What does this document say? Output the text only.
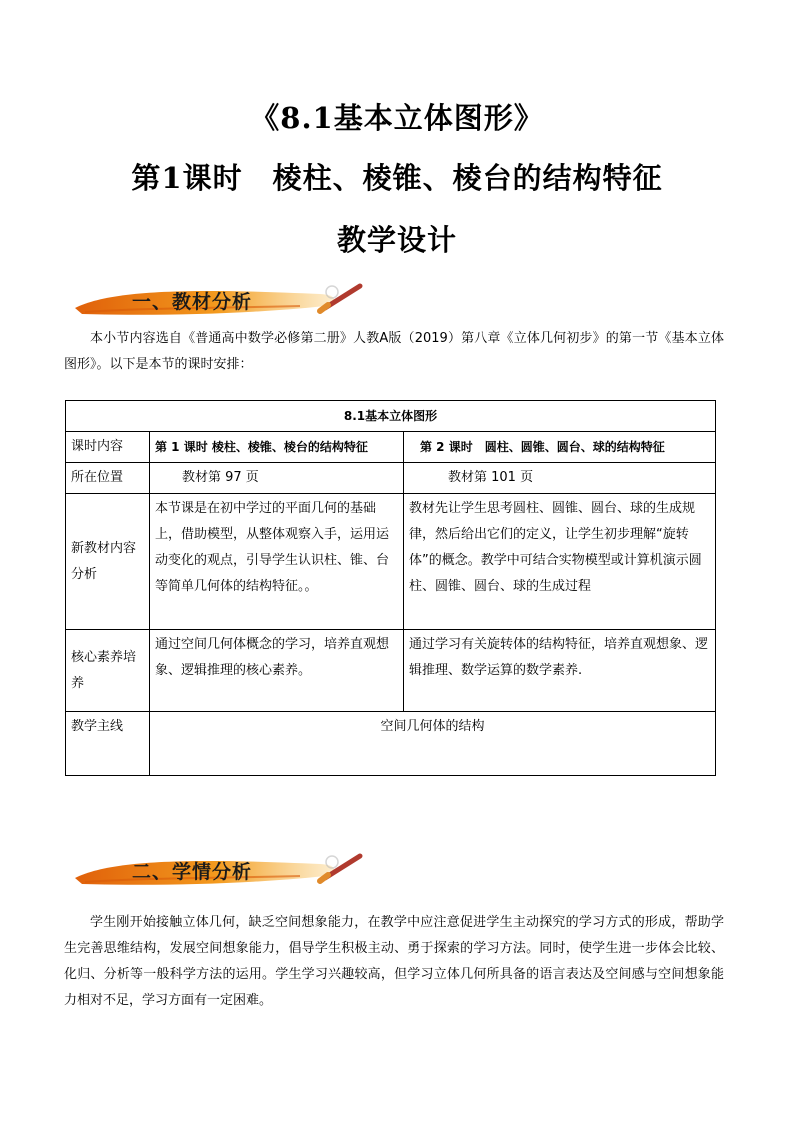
《8.1基本立体图形》
第1课时　棱柱、棱锥、棱台的结构特征
教学设计
一、教材分析
本小节内容选自《普通高中数学必修第二册》人教A版（2019）第八章《立体几何初步》的第一节《基本立体图形》。以下是本节的课时安排：
8.1基本立体图形		
课时内容	第 1 课时 棱柱、棱锥、棱台的结构特征	第 2 课时　圆柱、圆锥、圆台、球的结构特征
所在位置	教材第 97 页	教材第 101 页
新教材内容分析	本节课是在初中学过的平面几何的基础上，借助模型，从整体观察入手，运用运动变化的观点，引导学生认识柱、锥、台等简单几何体的结构特征。。	教材先让学生思考圆柱、圆锥、圆台、球的生成规律，然后给出它们的定义，让学生初步理解“旋转体”的概念。教学中可结合实物模型或计算机演示圆柱、圆锥、圆台、球的生成过程
核心素养培养	通过空间几何体概念的学习，培养直观想象、逻辑推理的核心素养。	通过学习有关旋转体的结构特征，培养直观想象、逻辑推理、数学运算的数学素养.
教学主线	空间几何体的结构	
二、学情分析
学生刚开始接触立体几何，缺乏空间想象能力，在教学中应注意促进学生主动探究的学习方式的形成，帮助学生完善思维结构，发展空间想象能力，倡导学生积极主动、勇于探索的学习方法。同时，使学生进一步体会比较、化归、分析等一般科学方法的运用。学生学习兴趣较高，但学习立体几何所具备的语言表达及空间感与空间想象能力相对不足，学习方面有一定困难。
